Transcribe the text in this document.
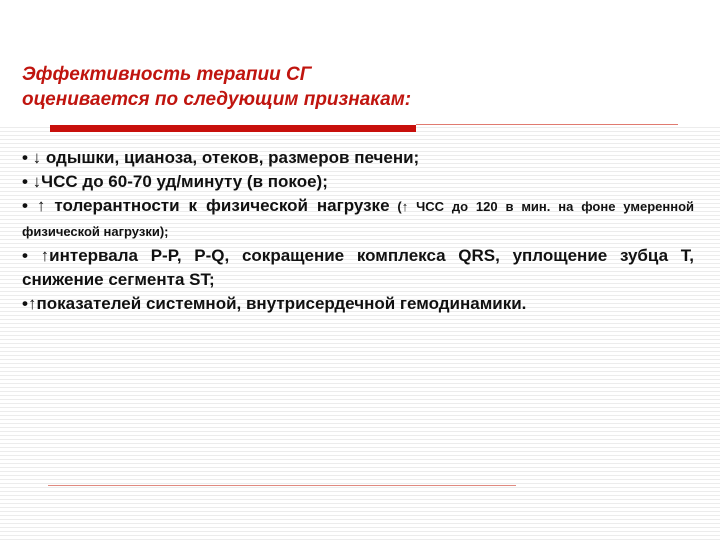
Эффективность терапии СГ
оценивается по следующим признакам:

• ↓ одышки, цианоза, отеков, размеров печени;

• ↓ЧСС до 60-70 уд/минуту (в покое);

• ↑ толерантности к физической нагрузке (↑ ЧСС до 120 в мин. на фоне умеренной физической нагрузки);

• ↑интервала P-P, P-Q, сокращение комплекса QRS, уплощение зубца T, снижение сегмента ST;

•↑показателей системной, внутрисердечной гемодинамики.
